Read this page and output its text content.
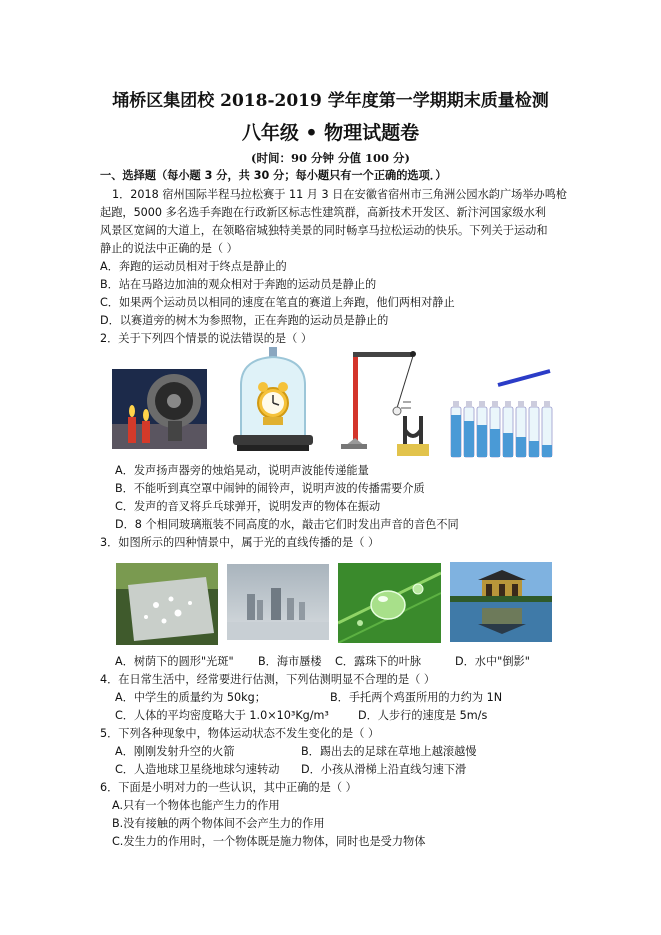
埇桥区集团校 2018-2019 学年度第一学期期末质量检测
八年级 • 物理试题卷
(时间：90 分钟 分值 100 分)
一、选择题（每小题 3 分，共 30 分；每小题只有一个正确的选项．）
1．2018 宿州国际半程马拉松赛于 11 月 3 日在安徽省宿州市三角洲公园水韵广场举办鸣枪
起跑，5000 多名选手奔跑在行政新区标志性建筑群，高新技术开发区、新汴河国家级水利
风景区宽阔的大道上，在领略宿城独特美景的同时畅享马拉松运动的快乐。下列关于运动和
静止的说法中正确的是（ ）
A．奔跑的运动员相对于终点是静止的
B．站在马路边加油的观众相对于奔跑的运动员是静止的
C．如果两个运动员以相同的速度在笔直的赛道上奔跑，他们两相对静止
D．以赛道旁的树木为参照物，正在奔跑的运动员是静止的
2．关于下列四个情景的说法错误的是（ ）
A．发声扬声器旁的烛焰晃动，说明声波能传递能量
B．不能听到真空罩中闹钟的闹铃声，说明声波的传播需要介质
C．发声的音叉将乒乓球弹开，说明发声的物体在振动
D．8 个相同玻璃瓶装不同高度的水，敲击它们时发出声音的音色不同
3．如图所示的四种情景中，属于光的直线传播的是（ ）
A．树荫下的圆形"光斑" B．海市蜃楼 C．露珠下的叶脉	D．水中"倒影"
4．在日常生活中，经常要进行估测，下列估测明显不合理的是（ ）
A．中学生的质量约为 50kg；	B．手托两个鸡蛋所用的力约为 1N
C．人体的平均密度略大于 1.0×10³Kg/m³	D．人步行的速度是 5m/s
5．下列各种现象中，物体运动状态不发生变化的是（ ）
A．刚刚发射升空的火箭	B．踢出去的足球在草地上越滚越慢
C．人造地球卫星绕地球匀速转动 D．小孩从滑梯上沿直线匀速下滑
6．下面是小明对力的一些认识，其中正确的是（ ）
A.只有一个物体也能产生力的作用
B.没有接触的两个物体间不会产生力的作用
C.发生力的作用时，一个物体既是施力物体，同时也是受力物体
